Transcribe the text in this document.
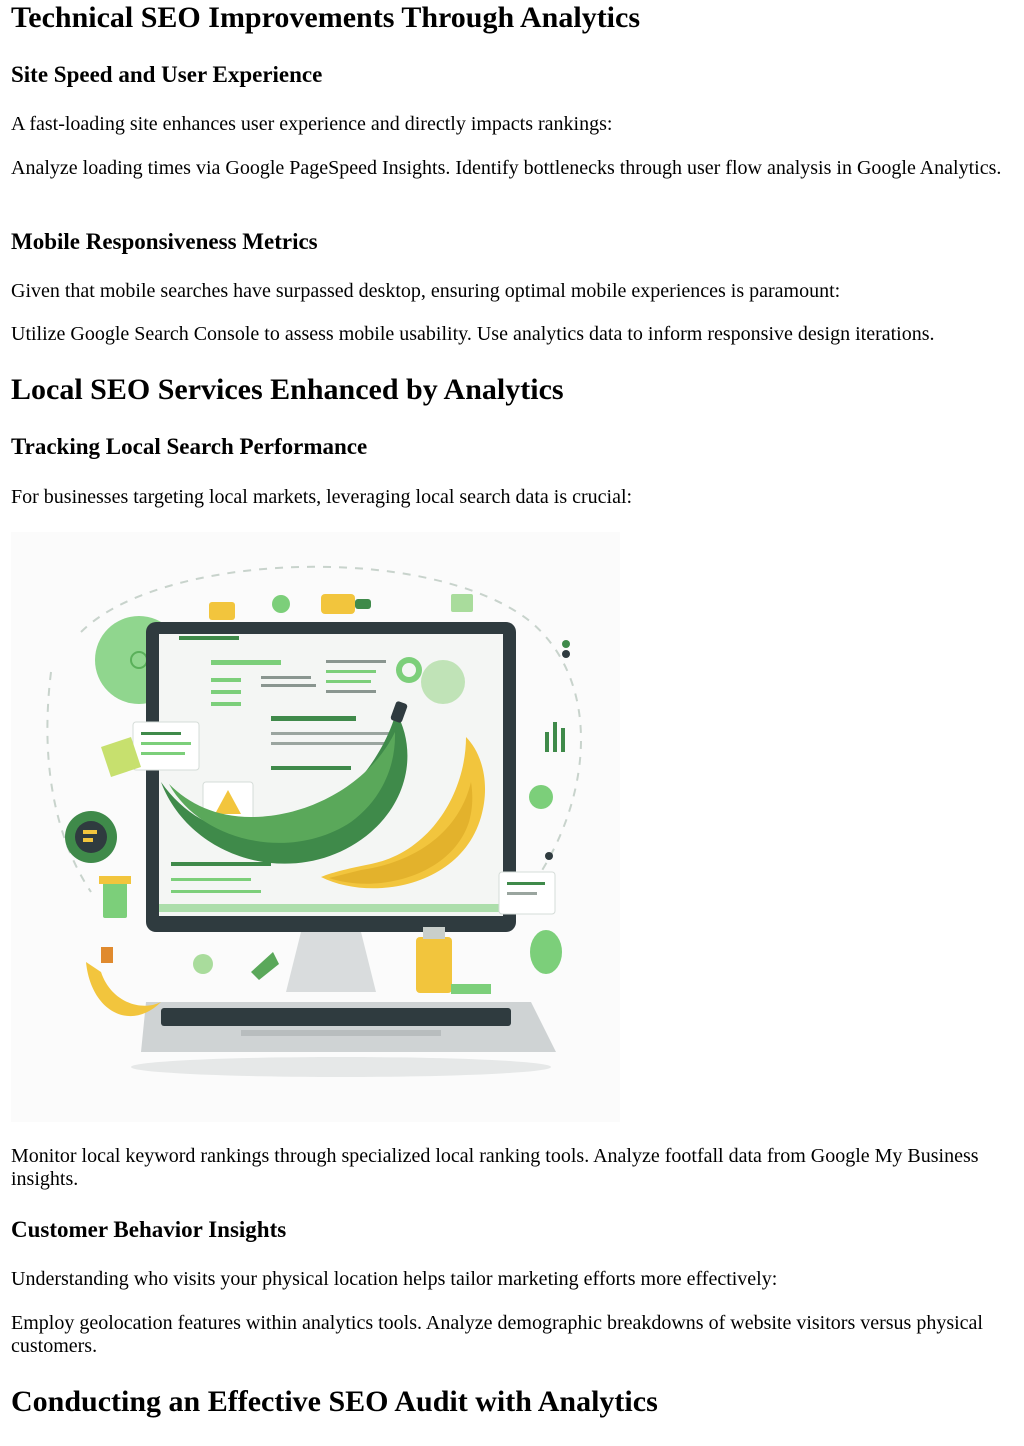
Technical SEO Improvements Through Analytics
Site Speed and User Experience

A fast-loading site enhances user experience and directly impacts rankings:

Analyze loading times via Google PageSpeed Insights. Identify bottlenecks through user flow analysis in Google Analytics.

Mobile Responsiveness Metrics

Given that mobile searches have surpassed desktop, ensuring optimal mobile experiences is paramount:

Utilize Google Search Console to assess mobile usability. Use analytics data to inform responsive design iterations.

Local SEO Services Enhanced by Analytics
Tracking Local Search Performance

For businesses targeting local markets, leveraging local search data is crucial:

Monitor local keyword rankings through specialized local ranking tools. Analyze footfall data from Google My Business insights.

Customer Behavior Insights

Understanding who visits your physical location helps tailor marketing efforts more effectively:

Employ geolocation features within analytics tools. Analyze demographic breakdowns of website visitors versus physical customers.

Conducting an Effective SEO Audit with Analytics
